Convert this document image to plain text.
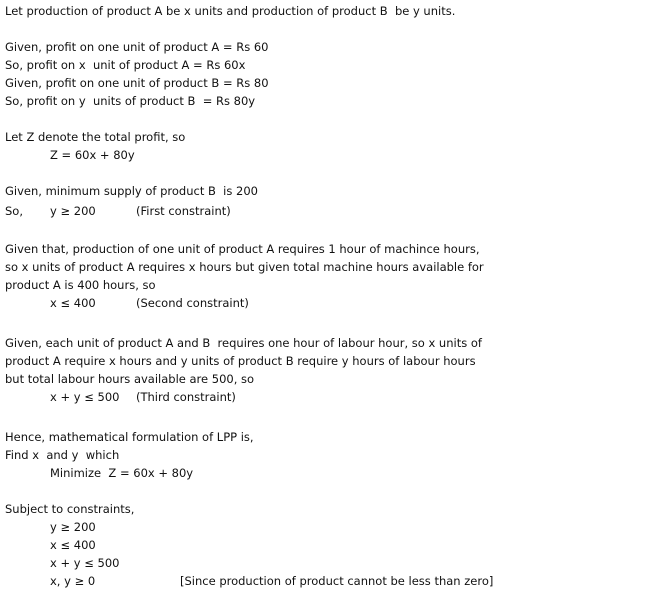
Let production of product A be x units and production of product B  be y units.
Given, profit on one unit of product A = Rs 60
So, profit on x  unit of product A = Rs 60x
Given, profit on one unit of product B = Rs 80
So, profit on y  units of product B  = Rs 80y
Let Z denote the total profit, so
Z = 60x + 80y
Given, minimum supply of product B  is 200
So, y ≥ 200	(First constraint)
Given that, production of one unit of product A requires 1 hour of machince hours,
so x units of product A requires x hours but given total machine hours available for
product A is 400 hours, so
x ≤ 400	(Second constraint)
Given, each unit of product A and B  requires one hour of labour hour, so x units of
product A require x hours and y units of product B require y hours of labour hours
but total labour hours available are 500, so
x + y ≤ 500 (Third constraint)
Hence, mathematical formulation of LPP is,
Find x  and y  which
Minimize  Z = 60x + 80y
Subject to constraints,
y ≥ 200
x ≤ 400
x + y ≤ 500
x, y ≥ 0	[Since production of product cannot be less than zero]
